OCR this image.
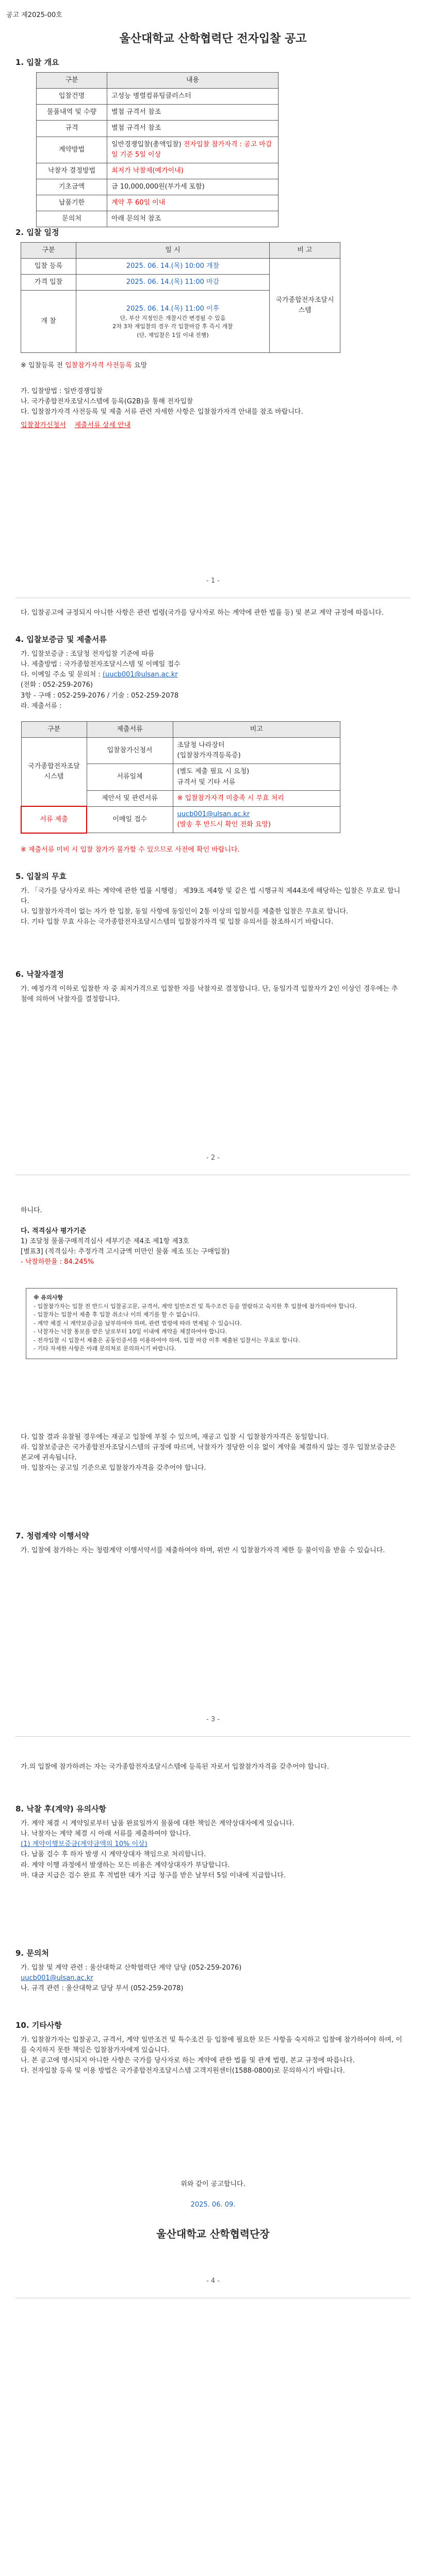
공고 제2025-00호
울산대학교 산학협력단 전자입찰 공고
1. 입찰 개요
구분	내용
입찰건명	고성능 병렬컴퓨팅클러스터
물품내역 및 수량	별첨 규격서 참조
규격	별첨 규격서 참조
계약방법	일반경쟁입찰(총액입찰) 전자입찰 참가자격 : 공고 마감일 기준 5일 이상
낙찰자 결정방법	최저가 낙찰제(예가이내)
기초금액	금 10,000,000원(부가세 포함)
납품기한	계약 후 60일 이내
문의처	아래 문의처 참조
2. 입찰 일정
구분	일 시	비 고
입찰 등록	2025. 06. 14.(목) 10:00 개찰	국가종합전자조달시스템
가격 입찰	2025. 06. 14.(목) 11:00 마감	
개 찰	2025. 06. 14.(목) 11:00 이후
단, 부산 지정인은 개찰시간 변경될 수 있음
2차 3차 재입찰의 경우 각 입찰마감 후 즉시 개찰
(단, 재입찰은 1일 이내 진행)	
※ 입찰등록 전 입찰참가자격 사전등록 요망
가. 입찰방법 : 일반경쟁입찰
나. 국가종합전자조달시스템에 등록(G2B)을 통해 전자입찰
다. 입찰참가자격 사전등록 및 제출 서류 관련 자세한 사항은 입찰참가자격 안내를 참조 바랍니다.
입찰참가신청서 제출서류 상세 안내
- 1 -
다. 입찰공고에 규정되지 아니한 사항은 관련 법령(국가를 당사자로 하는 계약에 관한 법률 등) 및 본교 계약 규정에 따릅니다.
4. 입찰보증금 및 제출서류
가. 입찰보증금 : 조달청 전자입찰 기준에 따름
나. 제출방법 : 국가종합전자조달시스템 및 이메일 접수
다. 이메일 주소 및 문의처 : (uucb001@ulsan.ac.kr
(전화 : 052-259-2076)
3항 - 구매 : 052-259-2076 / 기술 : 052-259-2078
라. 제출서류 :
구분	제출서류	비고
국가종합전자조달시스템	입찰참가신청서	조달청 나라장터
(입찰참가자격등록증)

	서류일체	(별도 제출 필요 시 요청)
규격서 및 기타 서류

	제안서 및 관련서류	※ 입찰참가자격 미충족 시 무효 처리
서류 제출	이메일 접수	uucb001@ulsan.ac.kr
(발송 후 반드시 확인 전화 요망)
※ 제출서류 미비 시 입찰 참가가 불가할 수 있으므로 사전에 확인 바랍니다.
5. 입찰의 무효
가. 「국가를 당사자로 하는 계약에 관한 법률 시행령」 제39조 제4항 및 같은 법 시행규칙 제44조에 해당하는 입찰은 무효로 합니다.
나. 입찰참가자격이 없는 자가 한 입찰, 동일 사항에 동일인이 2통 이상의 입찰서를 제출한 입찰은 무효로 합니다.
다. 기타 입찰 무효 사유는 국가종합전자조달시스템의 입찰참가자격 및 입찰 유의서를 참조하시기 바랍니다.
6. 낙찰자결정
가. 예정가격 이하로 입찰한 자 중 최저가격으로 입찰한 자를 낙찰자로 결정합니다. 단, 동일가격 입찰자가 2인 이상인 경우에는 추첨에 의하여 낙찰자를 결정합니다.
- 2 -
하니다.
다. 적격심사 평가기준
1) 조달청 물품구매적격심사 세부기준 제4조 제1항 제3호
[별표3] (적격심사: 추정가격 고시금액 미만인 물품 제조 또는 구매입찰)
- 낙찰하한율 : 84.245%
※ 유의사항
- 입찰참가자는 입찰 전 반드시 입찰공고문, 규격서, 계약 일반조건 및 특수조건 등을 열람하고 숙지한 후 입찰에 참가하여야 합니다.
- 입찰자는 입찰서 제출 후 입찰 취소나 이의 제기를 할 수 없습니다.
- 계약 체결 시 계약보증금을 납부하여야 하며, 관련 법령에 따라 면제될 수 있습니다.
- 낙찰자는 낙찰 통보를 받은 날로부터 10일 이내에 계약을 체결하여야 합니다.
- 전자입찰 시 입찰서 제출은 공동인증서를 이용하여야 하며, 입찰 마감 이후 제출된 입찰서는 무효로 합니다.
- 기타 자세한 사항은 아래 문의처로 문의하시기 바랍니다.
다. 입찰 결과 유찰될 경우에는 재공고 입찰에 부칠 수 있으며, 재공고 입찰 시 입찰참가자격은 동일합니다.
라. 입찰보증금은 국가종합전자조달시스템의 규정에 따르며, 낙찰자가 정당한 이유 없이 계약을 체결하지 않는 경우 입찰보증금은 본교에 귀속됩니다.
마. 입찰자는 공고일 기준으로 입찰참가자격을 갖추어야 합니다.
7. 청렴계약 이행서약
가. 입찰에 참가하는 자는 청렴계약 이행서약서를 제출하여야 하며, 위반 시 입찰참가자격 제한 등 불이익을 받을 수 있습니다.
- 3 -
가.의 입찰에 참가하려는 자는 국가종합전자조달시스템에 등록된 자로서 입찰참가자격을 갖추어야 합니다.
8. 낙찰 후(계약) 유의사항
가. 계약 체결 시 계약일로부터 납품 완료일까지 물품에 대한 책임은 계약상대자에게 있습니다.
나. 낙찰자는 계약 체결 시 아래 서류를 제출하여야 합니다.
(1) 계약이행보증금(계약금액의 10% 이상)
다. 납품 검수 후 하자 발생 시 계약상대자 책임으로 처리합니다.
라. 계약 이행 과정에서 발생하는 모든 비용은 계약상대자가 부담합니다.
마. 대금 지급은 검수 완료 후 적법한 대가 지급 청구를 받은 날부터 5일 이내에 지급합니다.
9. 문의처
가. 입찰 및 계약 관련 : 울산대학교 산학협력단 계약 담당 (052-259-2076)
uucb001@ulsan.ac.kr
나. 규격 관련 : 울산대학교 담당 부서 (052-259-2078)
10. 기타사항
가. 입찰참가자는 입찰공고, 규격서, 계약 일반조건 및 특수조건 등 입찰에 필요한 모든 사항을 숙지하고 입찰에 참가하여야 하며, 이를 숙지하지 못한 책임은 입찰참가자에게 있습니다.
나. 본 공고에 명시되지 아니한 사항은 국가를 당사자로 하는 계약에 관한 법률 및 관계 법령, 본교 규정에 따릅니다.
다. 전자입찰 등록 및 이용 방법은 국가종합전자조달시스템 고객지원센터(1588-0800)로 문의하시기 바랍니다.
위와 같이 공고합니다.
2025. 06. 09.
울산대학교 산학협력단장
- 4 -
